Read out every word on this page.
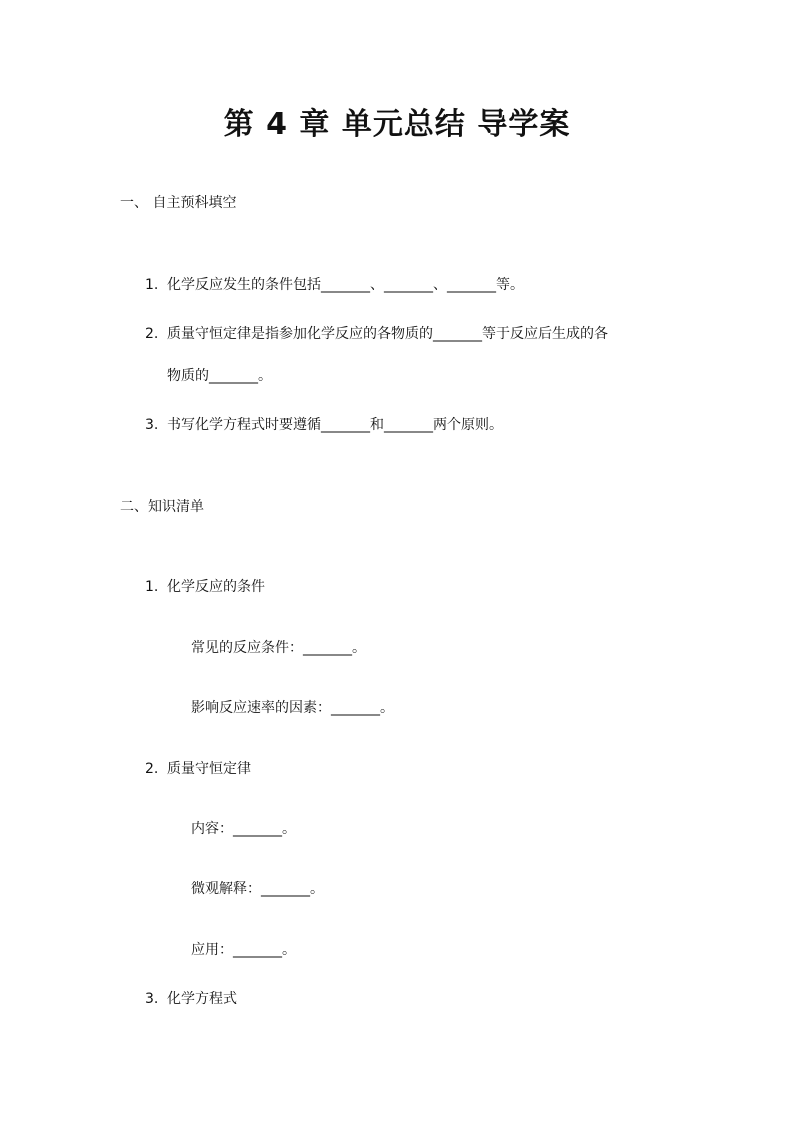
第 4 章 单元总结 导学案
一、 自主预科填空
1. 化学反应发生的条件包括_______、_______、_______等。
2. 质量守恒定律是指参加化学反应的各物质的_______等于反应后生成的各
物质的_______。
3. 书写化学方程式时要遵循_______和_______两个原则。
二、知识清单
1. 化学反应的条件
常见的反应条件：_______。
影响反应速率的因素：_______。
2. 质量守恒定律
内容：_______。
微观解释：_______。
应用：_______。
3. 化学方程式
